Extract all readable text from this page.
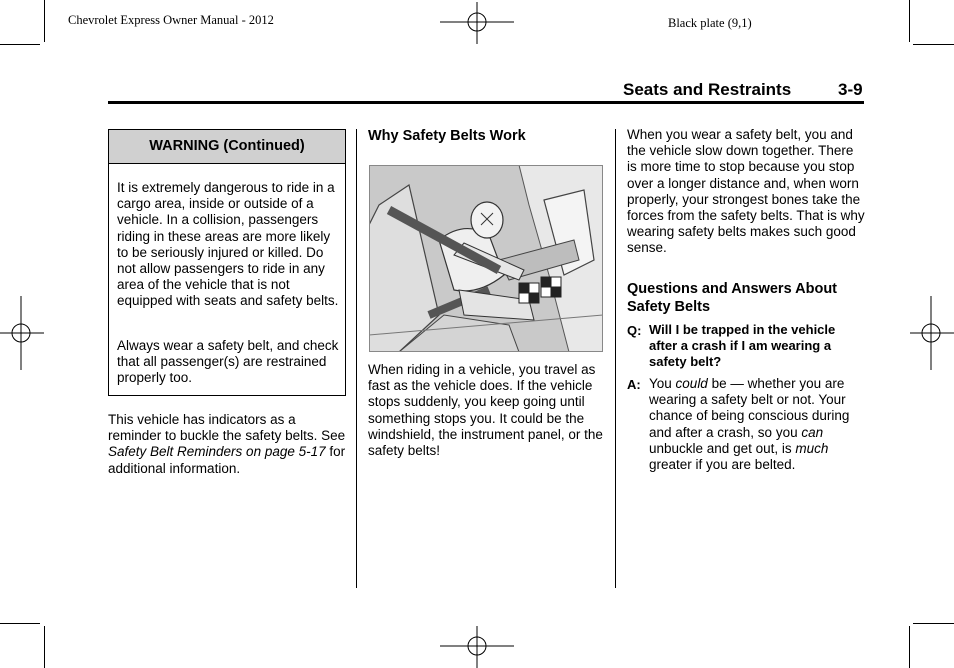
Chevrolet Express Owner Manual - 2012	Black plate (9,1)
Seats and Restraints	3-9
WARNING (Continued)
It is extremely dangerous to ride in a cargo area, inside or outside of a vehicle. In a collision, passengers riding in these areas are more likely to be seriously injured or killed. Do not allow passengers to ride in any area of the vehicle that is not equipped with seats and safety belts.
Always wear a safety belt, and check that all passenger(s) are restrained properly too.
This vehicle has indicators as a reminder to buckle the safety belts. See Safety Belt Reminders on page 5-17 for additional information.
Why Safety Belts Work
When riding in a vehicle, you travel as fast as the vehicle does. If the vehicle stops suddenly, you keep going until something stops you. It could be the windshield, the instrument panel, or the safety belts!
When you wear a safety belt, you and the vehicle slow down together. There is more time to stop because you stop over a longer distance and, when worn properly, your strongest bones take the forces from the safety belts. That is why wearing safety belts makes such good sense.
Questions and Answers About Safety Belts
Q: Will I be trapped in the vehicle after a crash if I am wearing a safety belt?
A: You could be — whether you are wearing a safety belt or not. Your chance of being conscious during and after a crash, so you can unbuckle and get out, is much greater if you are belted.
